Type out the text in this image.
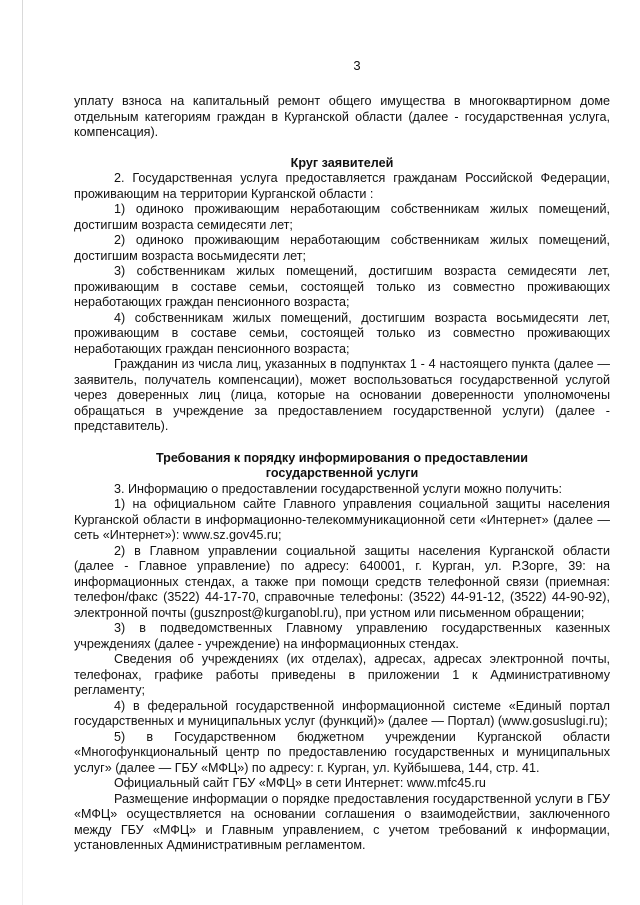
3

уплату взноса на капитальный ремонт общего имущества в многоквартирном доме отдельным категориям граждан в Курганской области (далее - государственная услуга, компенсация).

Круг заявителей

2. Государственная услуга предоставляется гражданам Российской Федерации, проживающим на территории Курганской области :

1) одиноко проживающим неработающим собственникам жилых помещений, достигшим возраста семидесяти лет;

2) одиноко проживающим неработающим собственникам жилых помещений, достигшим возраста восьмидесяти лет;

3) собственникам жилых помещений, достигшим возраста семидесяти лет, проживающим в составе семьи, состоящей только из совместно проживающих неработающих граждан пенсионного возраста;

4) собственникам жилых помещений, достигшим возраста восьмидесяти лет, проживающим в составе семьи, состоящей только из совместно проживающих неработающих граждан пенсионного возраста;

Гражданин из числа лиц, указанных в подпунктах 1 - 4 настоящего пункта (далее — заявитель, получатель компенсации), может воспользоваться государственной услугой через доверенных лиц (лица, которые на основании доверенности уполномочены обращаться в учреждение за предоставлением государственной услуги) (далее - представитель).

Требования к порядку информирования о предоставлении

государственной услуги

3. Информацию о предоставлении государственной услуги можно получить:

1) на официальном сайте Главного управления социальной защиты населения Курганской области в информационно-телекоммуникационной сети «Интернет» (далее — сеть «Интернет»): www.sz.gov45.ru;

2) в Главном управлении социальной защиты населения Курганской области (далее - Главное управление) по адресу: 640001, г. Курган, ул. Р.Зорге, 39: на информационных стендах, а также при помощи средств телефонной связи (приемная: телефон/факс (3522) 44-17-70, справочные телефоны: (3522) 44-91-12, (3522) 44-90-92), электронной почты (gusznpost@kurganobl.ru), при устном или письменном обращении;

3) в подведомственных Главному управлению государственных казенных учреждениях (далее - учреждение) на информационных стендах.

Сведения об учреждениях (их отделах), адресах, адресах электронной почты, телефонах, графике работы приведены в приложении 1 к Административному регламенту;

4) в федеральной государственной информационной системе «Единый портал государственных и муниципальных услуг (функций)» (далее — Портал) (www.gosuslugi.ru);

5) в Государственном бюджетном учреждении Курганской области «Многофункциональный центр по предоставлению государственных и муниципальных услуг» (далее — ГБУ «МФЦ») по адресу: г. Курган, ул. Куйбышева, 144, стр. 41.

Официальный сайт ГБУ «МФЦ» в сети Интернет: www.mfc45.ru

Размещение информации о порядке предоставления государственной услуги в ГБУ «МФЦ» осуществляется на основании соглашения о взаимодействии, заключенного между ГБУ «МФЦ» и Главным управлением, с учетом требований к информации, установленных Административным регламентом.
